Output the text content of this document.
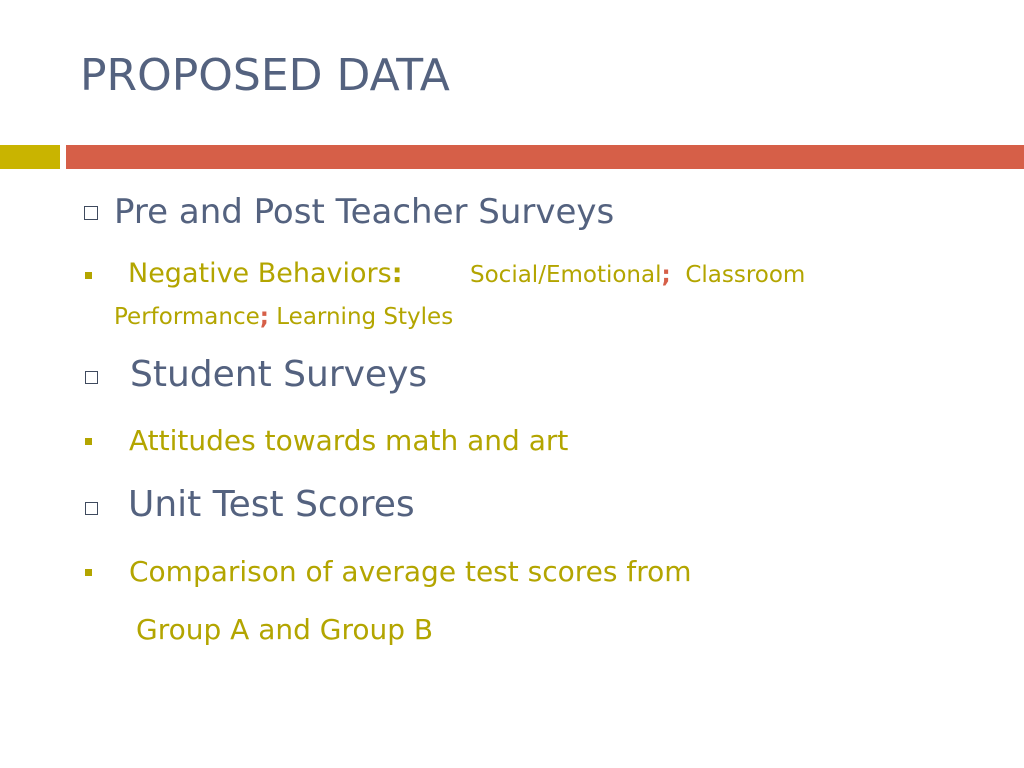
PROPOSED DATA
Pre and Post Teacher Surveys
Negative Behaviors:	Social/Emotional; Classroom
Performance; Learning Styles
Student Surveys
Attitudes towards math and art
Unit Test Scores
Comparison of average test scores from
Group A and Group B
